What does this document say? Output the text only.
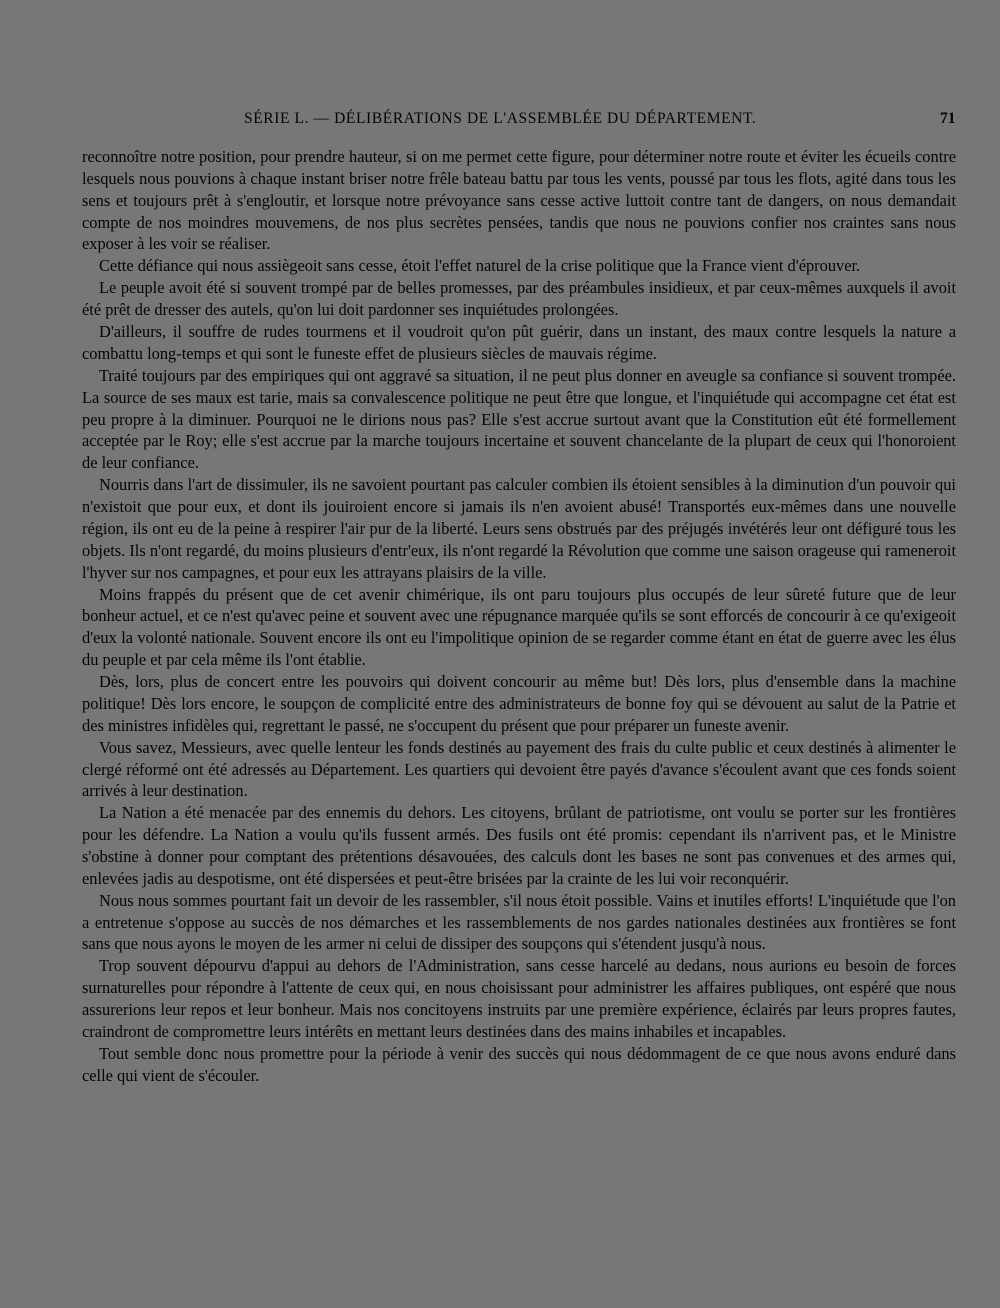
SÉRIE L. — DÉLIBÉRATIONS DE L'ASSEMBLÉE DU DÉPARTEMENT.	71

reconnoître notre position, pour prendre hauteur, si on me permet cette figure, pour déterminer notre route et éviter les écueils contre lesquels nous pouvions à chaque instant briser notre frêle bateau battu par tous les vents, poussé par tous les flots, agité dans tous les sens et toujours prêt à s'engloutir, et lorsque notre prévoyance sans cesse active luttoit contre tant de dangers, on nous demandait compte de nos moindres mouvemens, de nos plus secrètes pensées, tandis que nous ne pouvions confier nos craintes sans nous exposer à les voir se réaliser.

Cette défiance qui nous assiègeoit sans cesse, étoit l'effet naturel de la crise politique que la France vient d'éprouver.

Le peuple avoit été si souvent trompé par de belles promesses, par des préambules insidieux, et par ceux-mêmes auxquels il avoit été prêt de dresser des autels, qu'on lui doit pardonner ses inquiétudes prolongées.

D'ailleurs, il souffre de rudes tourmens et il voudroit qu'on pût guérir, dans un instant, des maux contre lesquels la nature a combattu long-temps et qui sont le funeste effet de plusieurs siècles de mauvais régime.

Traité toujours par des empiriques qui ont aggravé sa situation, il ne peut plus donner en aveugle sa confiance si souvent trompée. La source de ses maux est tarie, mais sa convalescence politique ne peut être que longue, et l'inquiétude qui accompagne cet état est peu propre à la diminuer. Pourquoi ne le dirions nous pas? Elle s'est accrue surtout avant que la Constitution eût été formellement acceptée par le Roy; elle s'est accrue par la marche toujours incertaine et souvent chancelante de la plupart de ceux qui l'honoroient de leur confiance.

Nourris dans l'art de dissimuler, ils ne savoient pourtant pas calculer combien ils étoient sensibles à la diminution d'un pouvoir qui n'existoit que pour eux, et dont ils jouiroient encore si jamais ils n'en avoient abusé! Transportés eux-mêmes dans une nouvelle région, ils ont eu de la peine à respirer l'air pur de la liberté. Leurs sens obstrués par des préjugés invétérés leur ont défiguré tous les objets. Ils n'ont regardé, du moins plusieurs d'entr'eux, ils n'ont regardé la Révolution que comme une saison orageuse qui rameneroit l'hyver sur nos campagnes, et pour eux les attrayans plaisirs de la ville.

Moins frappés du présent que de cet avenir chimérique, ils ont paru toujours plus occupés de leur sûreté future que de leur bonheur actuel, et ce n'est qu'avec peine et souvent avec une répugnance marquée qu'ils se sont efforcés de concourir à ce qu'exigeoit d'eux la volonté nationale. Souvent encore ils ont eu l'impolitique opinion de se regarder comme étant en état de guerre avec les élus du peuple et par cela même ils l'ont établie.

Dès, lors, plus de concert entre les pouvoirs qui doivent concourir au même but! Dès lors, plus d'ensemble dans la machine politique! Dès lors encore, le soupçon de complicité entre des administrateurs de bonne foy qui se dévouent au salut de la Patrie et des ministres infidèles qui, regrettant le passé, ne s'occupent du présent que pour préparer un funeste avenir.

Vous savez, Messieurs, avec quelle lenteur les fonds destinés au payement des frais du culte public et ceux destinés à alimenter le clergé réformé ont été adressés au Département. Les quartiers qui devoient être payés d'avance s'écoulent avant que ces fonds soient arrivés à leur destination.

La Nation a été menacée par des ennemis du dehors. Les citoyens, brûlant de patriotisme, ont voulu se porter sur les frontières pour les défendre. La Nation a voulu qu'ils fussent armés. Des fusils ont été promis: cependant ils n'arrivent pas, et le Ministre s'obstine à donner pour comptant des prétentions désavouées, des calculs dont les bases ne sont pas convenues et des armes qui, enlevées jadis au despotisme, ont été dispersées et peut-être brisées par la crainte de les lui voir reconquérir.

Nous nous sommes pourtant fait un devoir de les rassembler, s'il nous étoit possible. Vains et inutiles efforts! L'inquiétude que l'on a entretenue s'oppose au succès de nos démarches et les rassemblements de nos gardes nationales destinées aux frontières se font sans que nous ayons le moyen de les armer ni celui de dissiper des soupçons qui s'étendent jusqu'à nous.

Trop souvent dépourvu d'appui au dehors de l'Administration, sans cesse harcelé au dedans, nous aurions eu besoin de forces surnaturelles pour répondre à l'attente de ceux qui, en nous choisissant pour administrer les affaires publiques, ont espéré que nous assurerions leur repos et leur bonheur. Mais nos concitoyens instruits par une première expérience, éclairés par leurs propres fautes, craindront de compromettre leurs intérêts en mettant leurs destinées dans des mains inhabiles et incapables.

Tout semble donc nous promettre pour la période à venir des succès qui nous dédommagent de ce que nous avons enduré dans celle qui vient de s'écouler.
